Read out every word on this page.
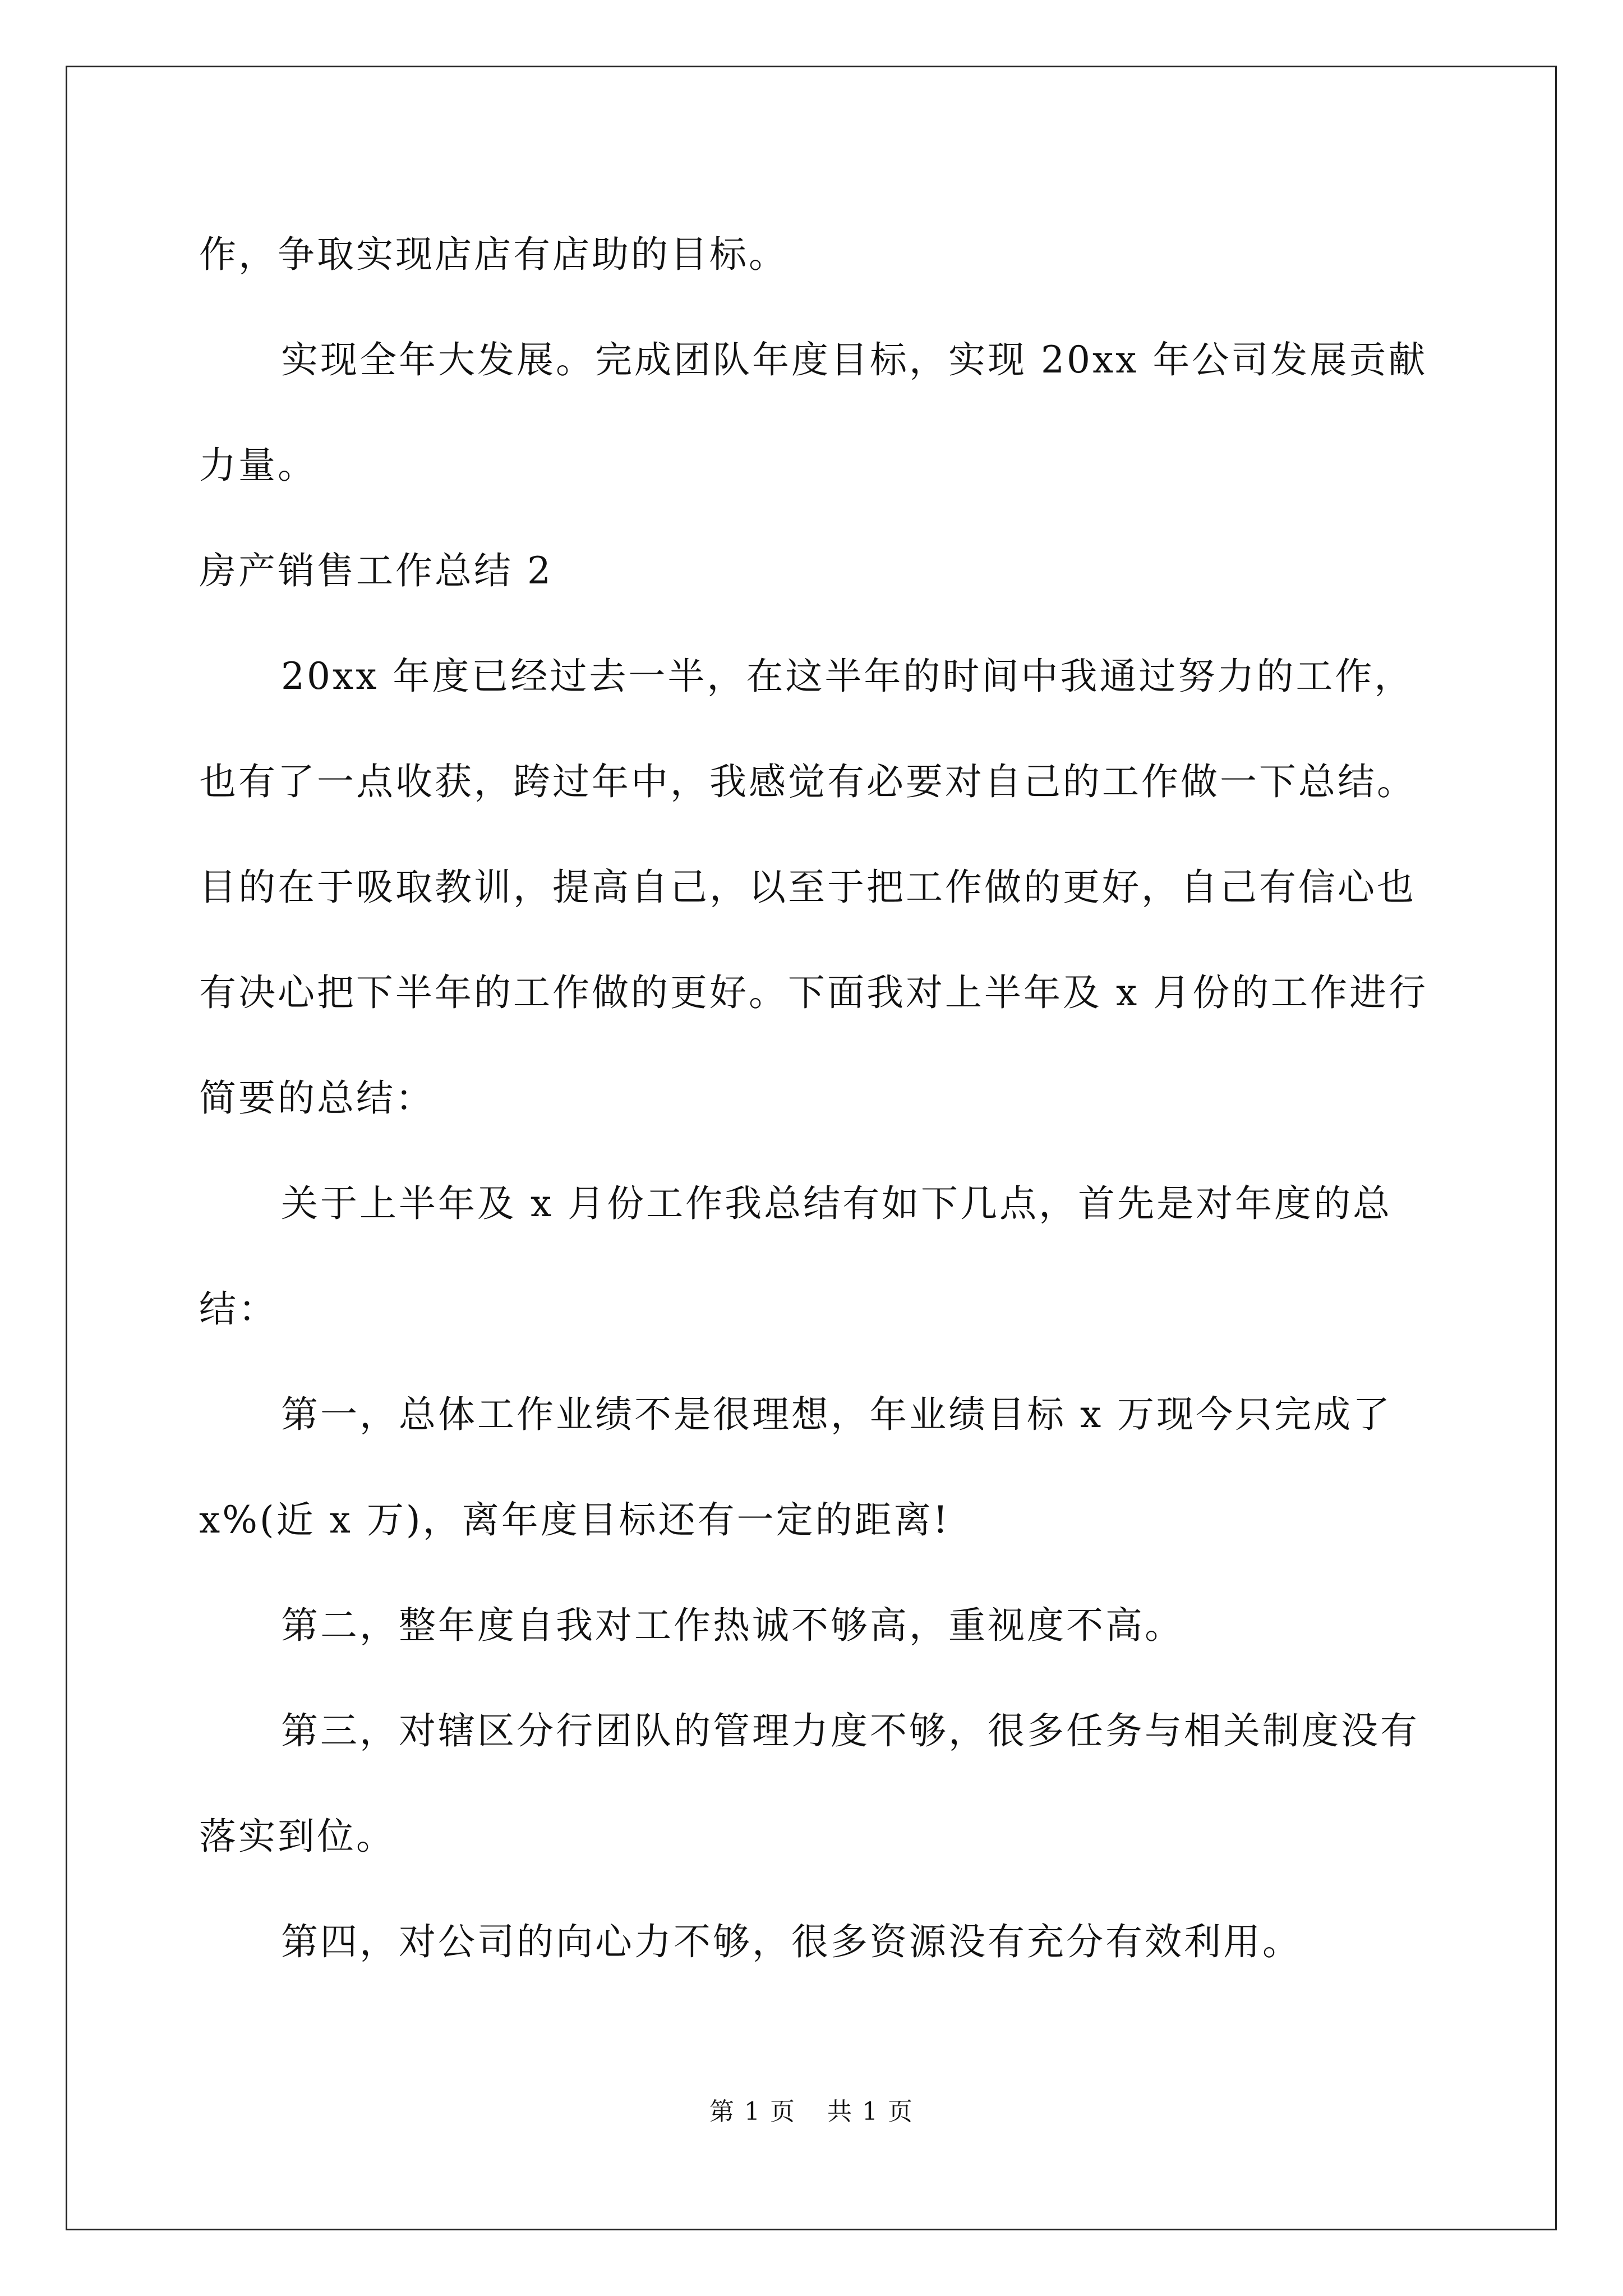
作，争取实现店店有店助的目标。

实现全年大发展。完成团队年度目标，实现 20xx 年公司发展贡献力量。

房产销售工作总结 2

20xx 年度已经过去一半，在这半年的时间中我通过努力的工作，也有了一点收获，跨过年中，我感觉有必要对自己的工作做一下总结。目的在于吸取教训，提高自己，以至于把工作做的更好，自己有信心也有决心把下半年的工作做的更好。下面我对上半年及 x 月份的工作进行简要的总结：

关于上半年及 x 月份工作我总结有如下几点，首先是对年度的总结：

第一，总体工作业绩不是很理想，年业绩目标 x 万现今只完成了 x%(近 x 万)，离年度目标还有一定的距离!

第二，整年度自我对工作热诚不够高，重视度不高。

第三，对辖区分行团队的管理力度不够，很多任务与相关制度没有落实到位。

第四，对公司的向心力不够，很多资源没有充分有效利用。

第 1 页 共 1 页
